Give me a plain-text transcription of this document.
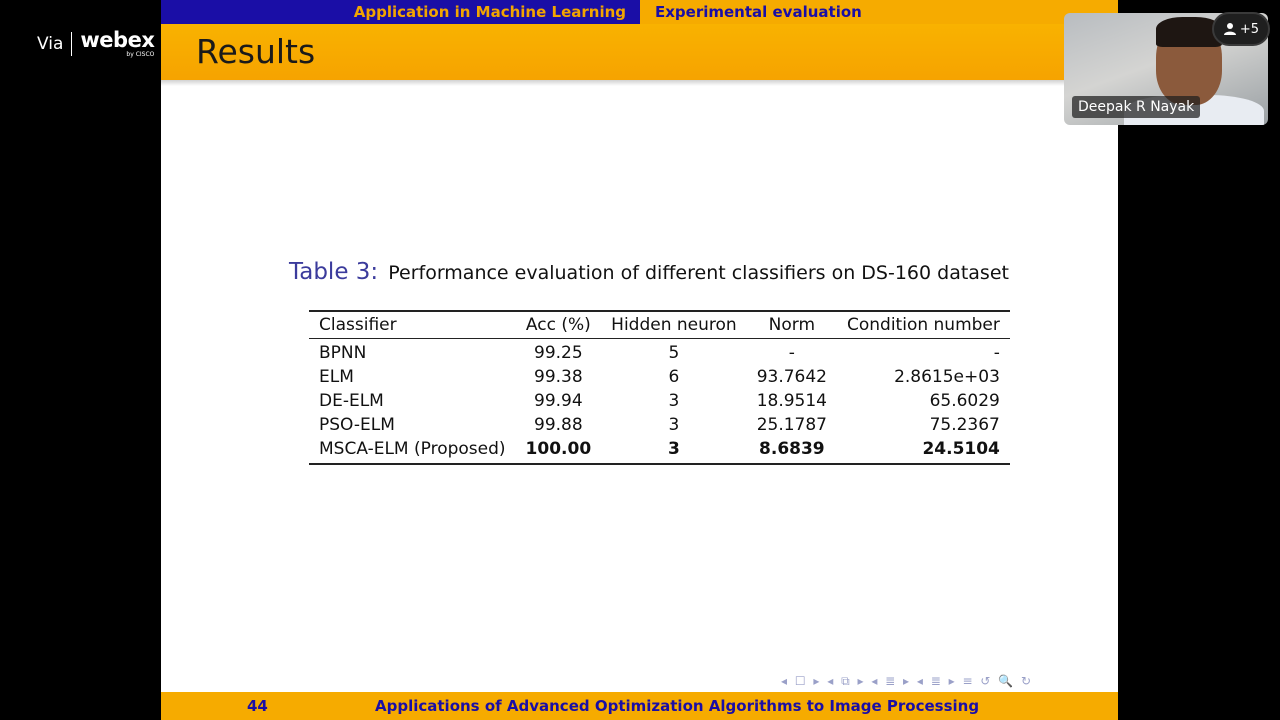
Via webex
by CISCO
Application in Machine Learning	Experimental evaluation
Results
Table 3: Performance evaluation of different classifiers on DS-160 dataset
Classifier	Acc (%)	Hidden neuron	Norm	Condition number
BPNN	99.25	5	-	-
ELM	99.38	6	93.7642	2.8615e+03
DE-ELM	99.94	3	18.9514	65.6029
PSO-ELM	99.88	3	25.1787	75.2367
MSCA-ELM (Proposed)	100.00	3	8.6839	24.5104
◂ ☐ ▸ ◂ ⧉ ▸ ◂ ≣ ▸ ◂ ≣ ▸ ≡ ↺ 🔍 ↻
44	Applications of Advanced Optimization Algorithms to Image Processing
Deepak R Nayak
+5
